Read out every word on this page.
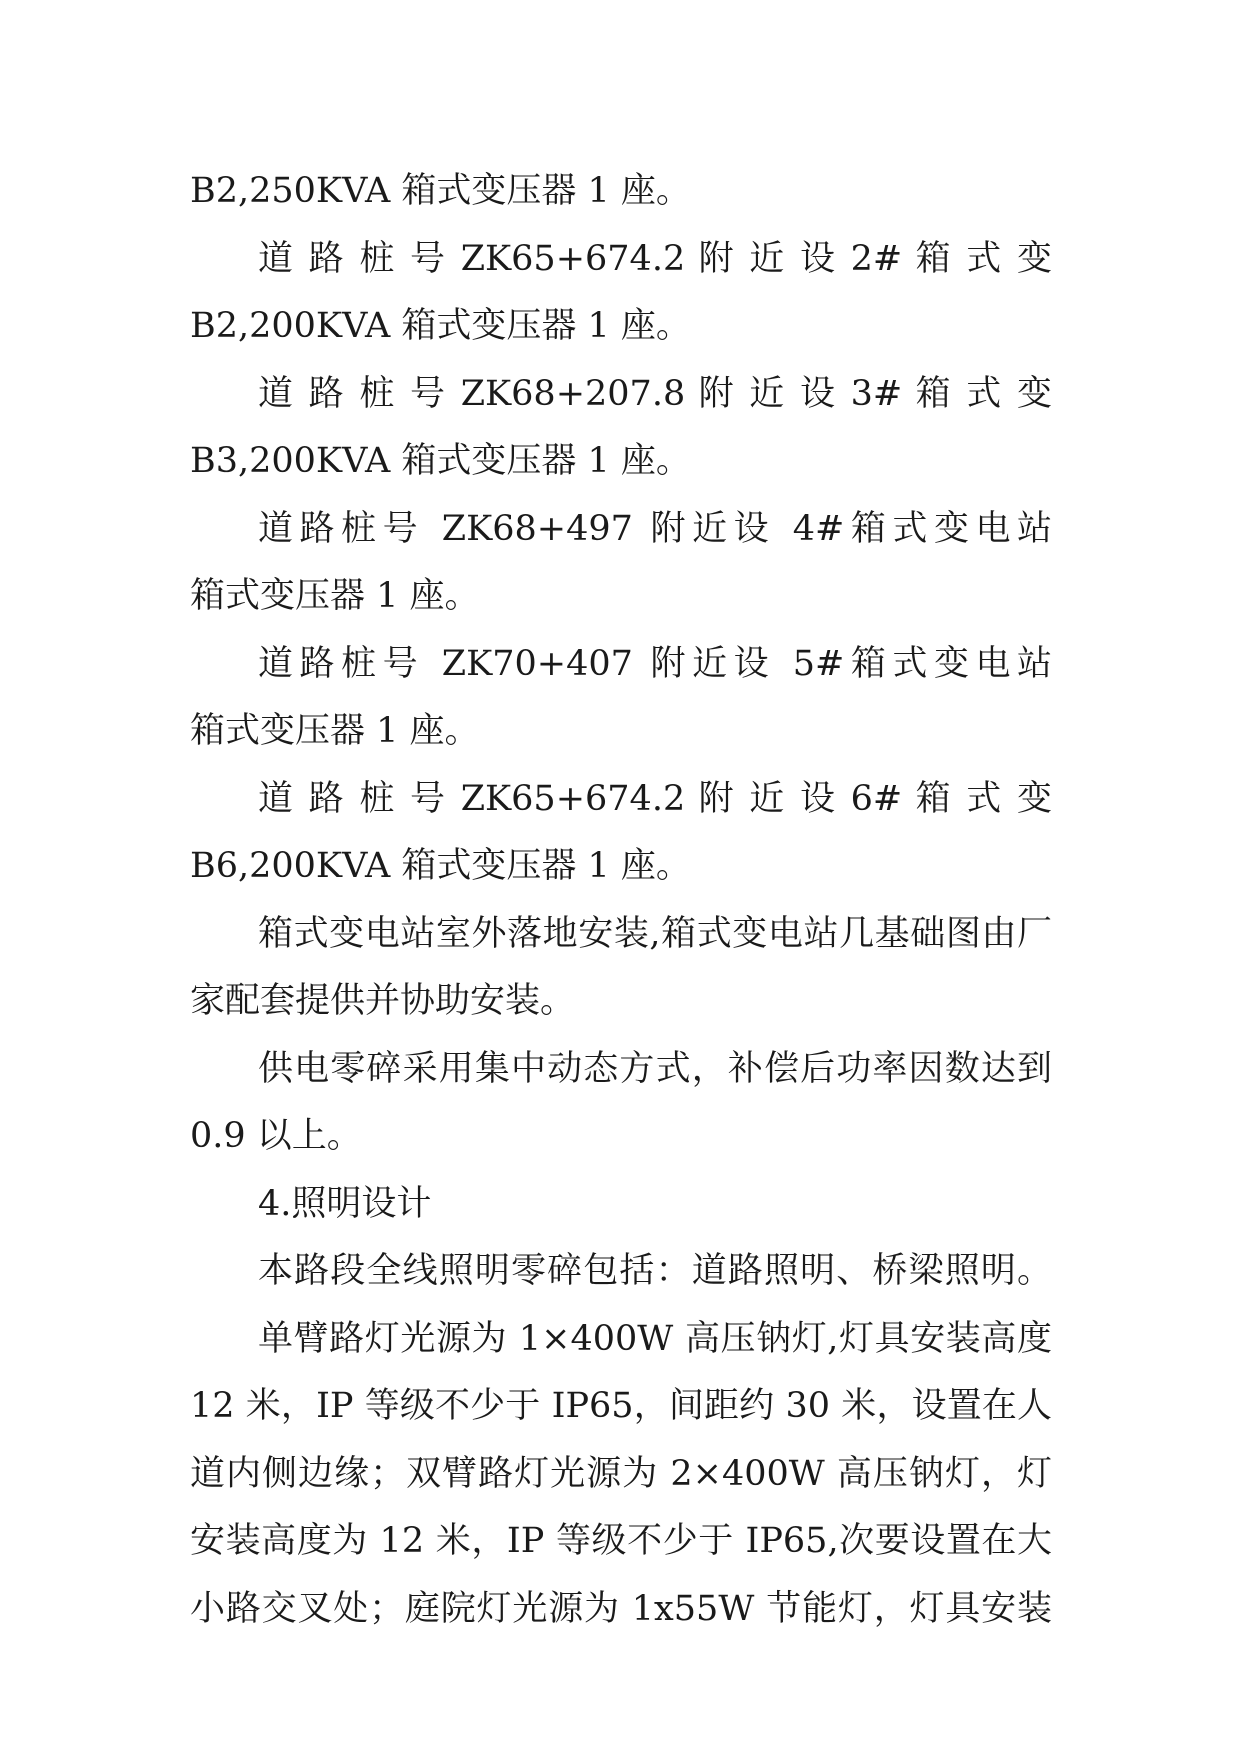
B2,250KVA 箱式变压器 1 座。
道 路 桩 号 ZK65+674.2 附 近 设 2# 箱 式 变
B2,200KVA 箱式变压器 1 座。
道 路 桩 号 ZK68+207.8 附 近 设 3# 箱 式 变
B3,200KVA 箱式变压器 1 座。
道路桩号 ZK68+497 附近设 4#箱式变电站
箱式变压器 1 座。
道路桩号 ZK70+407 附近设 5#箱式变电站
箱式变压器 1 座。
道 路 桩 号 ZK65+674.2 附 近 设 6# 箱 式 变
B6,200KVA 箱式变压器 1 座。
箱式变电站室外落地安装,箱式变电站几基础图由厂
家配套提供并协助安装。
供电零碎采用集中动态方式，补偿后功率因数达到
0.9 以上。
4.照明设计
本路段全线照明零碎包括：道路照明、桥梁照明。
单臂路灯光源为 1×400W 高压钠灯,灯具安装高度
12 米，IP 等级不少于 IP65，间距约 30 米，设置在人
道内侧边缘；双臂路灯光源为 2×400W 高压钠灯，灯
安装高度为 12 米，IP 等级不少于 IP65,次要设置在大
小路交叉处；庭院灯光源为 1x55W 节能灯，灯具安装
